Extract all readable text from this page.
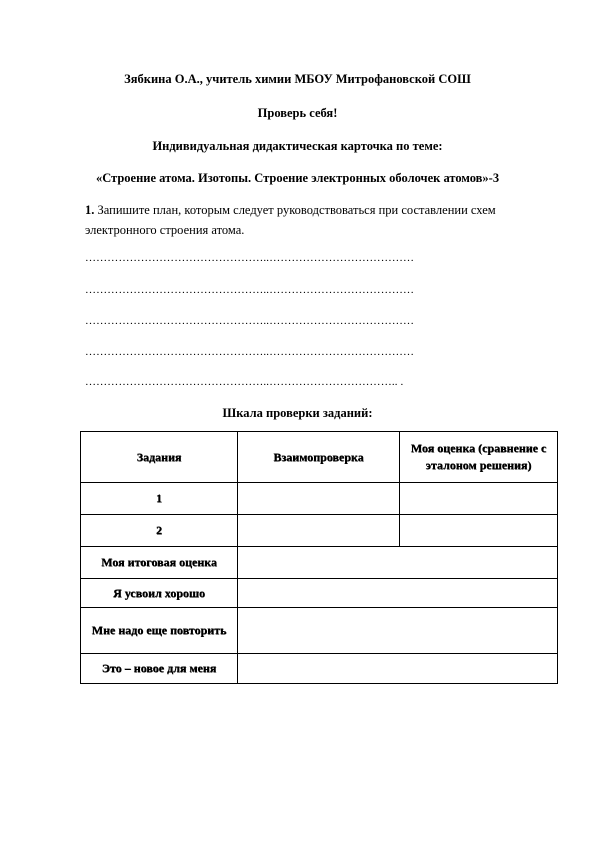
Зябкина О.А., учитель химии МБОУ Митрофановской СОШ
Проверь себя!
Индивидуальная дидактическая карточка по теме:
«Строение атома. Изотопы. Строение электронных оболочек атомов»-3
1. Запишите план, которым следует руководствоваться при составлении схем электронного строения атома.
…………………………………………..…………………………………
…………………………………………..…………………………………
…………………………………………..…………………………………
…………………………………………..…………………………………
…………………………………………..…………………………….. .
Шкала проверки заданий:
Задания	Взаимопроверка	Моя оценка (сравнение с эталоном решения)
1		
2		
Моя итоговая оценка		
Я усвоил хорошо		
Мне надо еще повторить		
Это – новое для меня		
